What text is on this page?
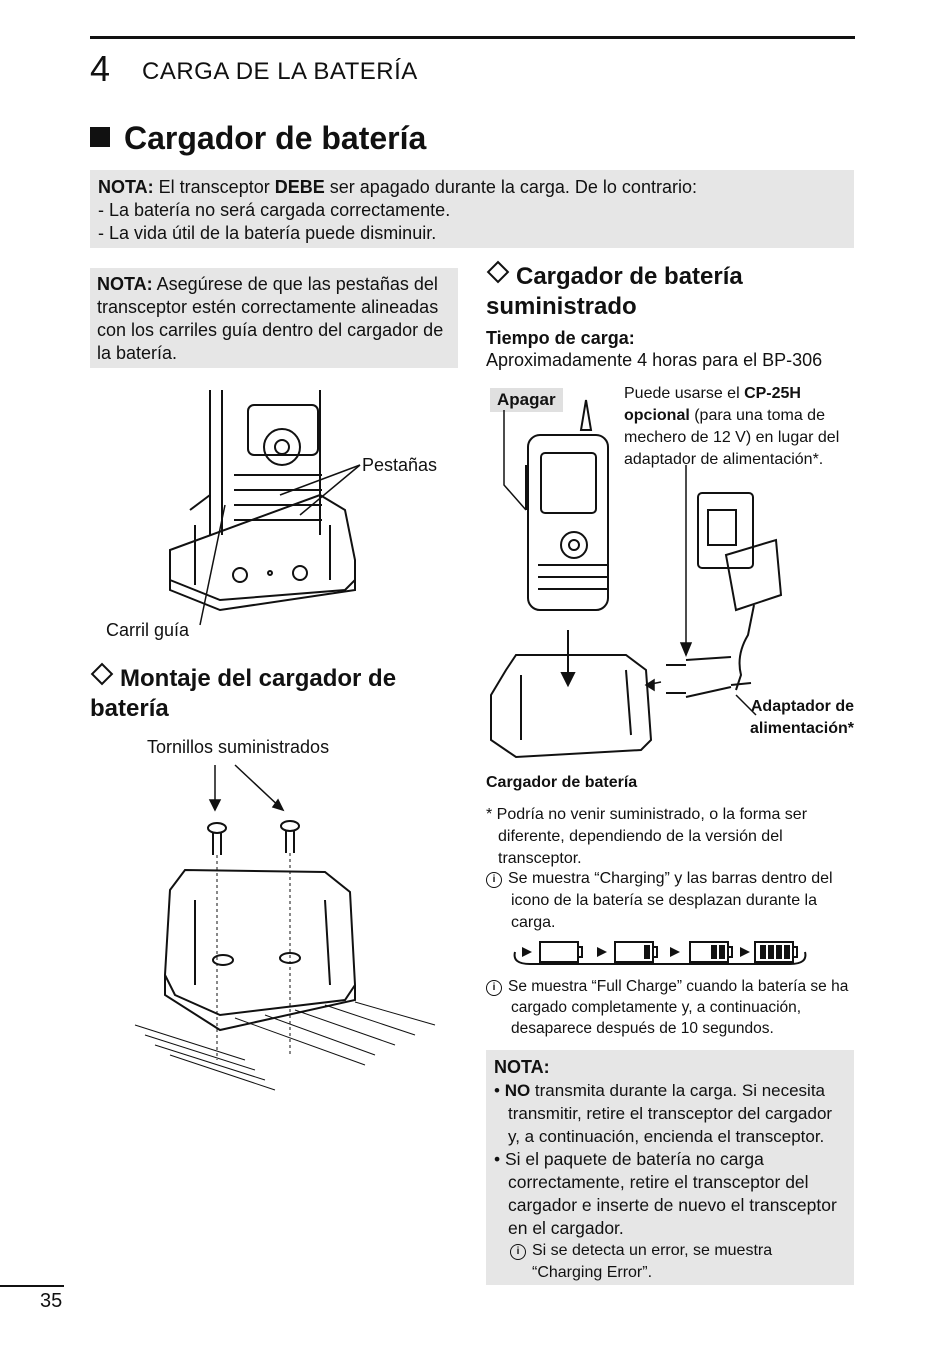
4 CARGA DE LA BATERÍA
Cargador de batería
NOTA: El transceptor DEBE ser apagado durante la carga. De lo contrario:
- La batería no será cargada correctamente.
- La vida útil de la batería puede disminuir.
NOTA: Asegúrese de que las pestañas del transceptor estén correctamente alineadas con los carriles guía dentro del cargador de la batería.
Pestañas
Carril guía
Montaje del cargador de batería
Tornillos suministrados
Cargador de batería suministrado
Tiempo de carga:
Aproximadamente 4 horas para el BP-306
Apagar	Puede usarse el CP-25H opcional (para una toma de mechero de 12 V) en lugar del adaptador de alimentación*.
Adaptador de alimentación*
Cargador de batería
* Podría no venir suministrado, o la forma ser diferente, dependiendo de la versión del transceptor.
i Se muestra “Charging” y las barras dentro del icono de la batería se desplazan durante la carga.
i Se muestra “Full Charge” cuando la batería se ha cargado completamente y, a continuación, desaparece después de 10 segundos.
NOTA:
• NO transmita durante la carga. Si necesita transmitir, retire el transceptor del cargador y, a continuación, encienda el transceptor.
• Si el paquete de batería no carga correctamente, retire el transceptor del cargador e inserte de nuevo el transceptor en el cargador.
i Si se detecta un error, se muestra “Charging Error”.
35
